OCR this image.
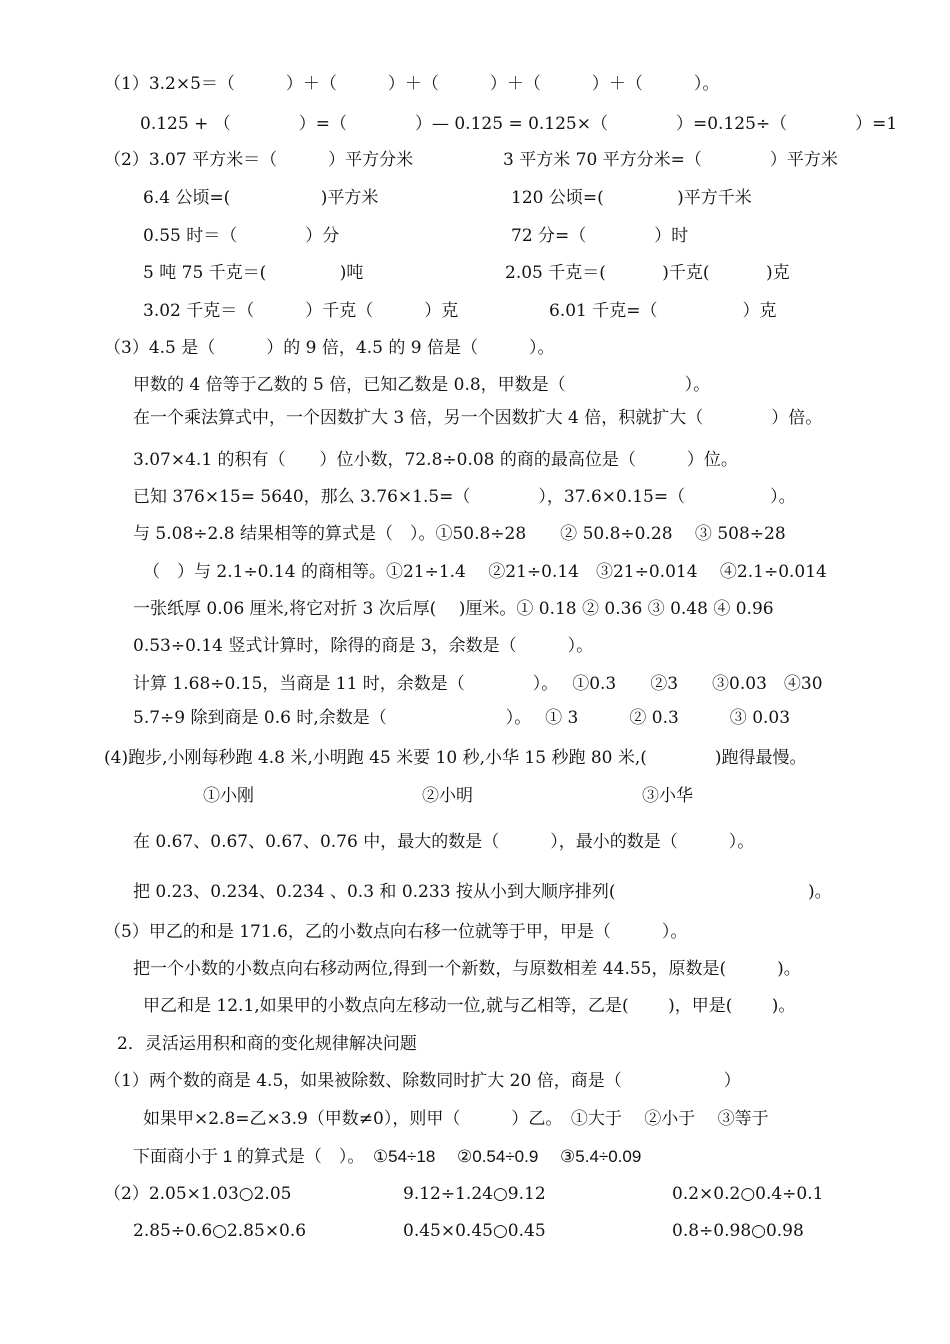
（1）3.2×5＝（　　　）＋（　　　）＋（　　　）＋（　　　）＋（　　　）。
0.125 + （　　　　）=（　　　　）— 0.125 = 0.125×（　　　　）=0.125÷（　　　　）=1
（2）3.07 平方米＝（　　　）平方分米	3 平方米 70 平方分米=（　　　　）平方米
6.4 公顷=(　　　　　 )平方米	120 公顷=(　　　　 )平方千米
0.55 时＝（　　　　）分	72 分=（　　　　）时
5 吨 75 千克＝(　　　　 )吨	2.05 千克＝(　　　 )千克(　　　 )克
3.02 千克＝（　　　）千克（　　　）克	6.01 千克=（　　　　　）克
（3）4.5 是（　　　）的 9 倍，4.5 的 9 倍是（　　　）。
甲数的 4 倍等于乙数的 5 倍，已知乙数是 0.8，甲数是（　　　　　　　）。
在一个乘法算式中，一个因数扩大 3 倍，另一个因数扩大 4 倍，积就扩大（　　　　）倍。
3.07×4.1 的积有（　　）位小数，72.8÷0.08 的商的最高位是（　　　）位。
已知 376×15= 5640，那么 3.76×1.5=（　　　　），37.6×0.15=（　　　　　）。
与 5.08÷2.8 结果相等的算式是（　）。①50.8÷28　　② 50.8÷0.28　 ③ 508÷28
（　）与 2.1÷0.14 的商相等。①21÷1.4　 ②21÷0.14　③21÷0.014　 ④2.1÷0.014
一张纸厚 0.06 厘米,将它对折 3 次后厚(　 )厘米。① 0.18 ② 0.36 ③ 0.48 ④ 0.96
0.53÷0.14 竖式计算时，除得的商是 3，余数是（　　　）。
计算 1.68÷0.15，当商是 11 时，余数是（　　　　）。　 ①0.3　　②3　　③0.03　④30
5.7÷9 除到商是 0.6 时,余数是（　　　　　　　）。　 ① 3　　　② 0.3　　　③ 0.03
(4)跑步,小刚每秒跑 4.8 米,小明跑 45 米要 10 秒,小华 15 秒跑 80 米,(　　　　)跑得最慢。
①小刚	②小明	③小华
在 0.67、0.6̇7̇、0.67̇、0.76 中，最大的数是（　　　），最小的数是（　　　）。
把 0.23、0.234、0.23̇4̇ 、0.3 和 0.233 按从小到大顺序排列(　　　　　　　　　　　 )。
（5）甲乙的和是 171.6，乙的小数点向右移一位就等于甲，甲是（　　　）。
把一个小数的小数点向右移动两位,得到一个新数，与原数相差 44.55，原数是(　　　)。
甲乙和是 12.1,如果甲的小数点向左移动一位,就与乙相等，乙是(　　 )，甲是(　　 )。
2．灵活运用积和商的变化规律解决问题
（1）两个数的商是 4.5，如果被除数、除数同时扩大 20 倍，商是（　　　　　　）
如果甲×2.8=乙×3.9（甲数≠0），则甲（　　　）乙。　①大于　 ②小于　 ③等于
下面商小于 1 的算式是（　）。　①54÷18　 ②0.54÷0.9　 ③5.4÷0.09
（2）2.05×1.03○2.05	9.12÷1.24○9.12	0.2×0.2○0.4÷0.1
2.85÷0.6○2.85×0.6	0.45×0.45○0.45	0.8÷0.98○0.98
